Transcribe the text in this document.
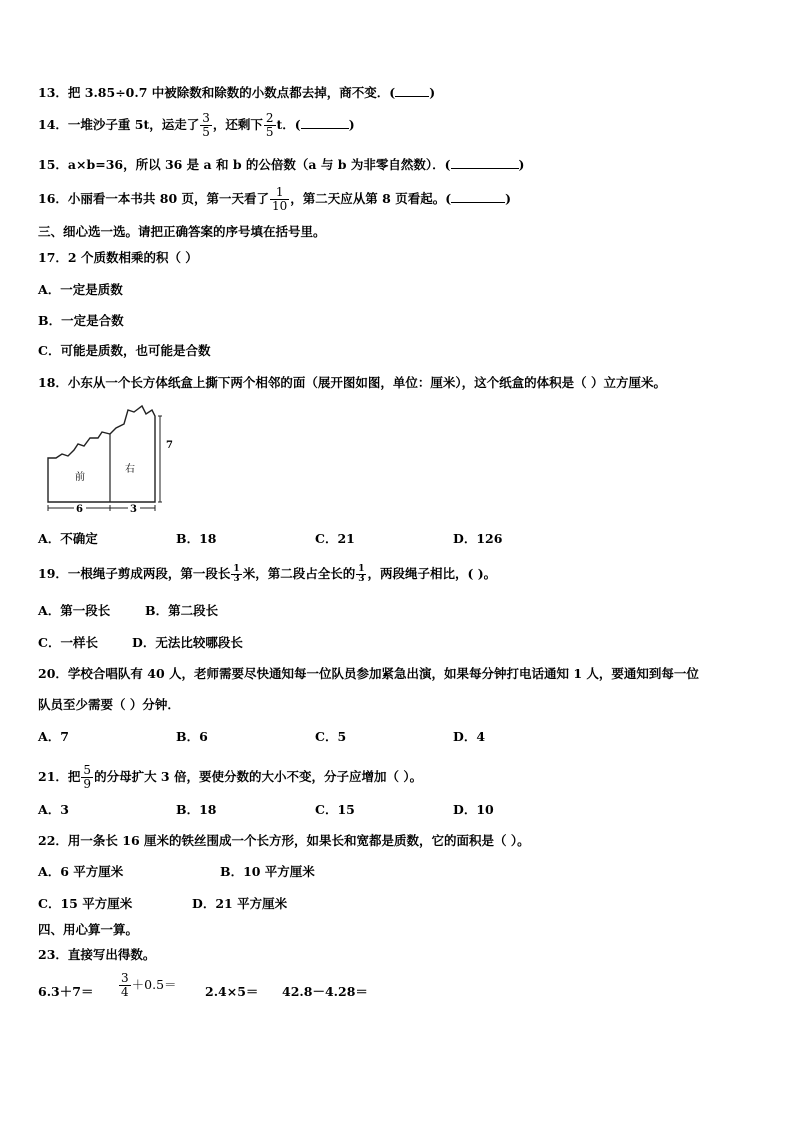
13．把 3.85÷0.7 中被除数和除数的小数点都去掉，商不变．(	)
14．一堆沙子重 5t，运走了 $\frac{3}{5}$ ，还剩下 $\frac{2}{5}$ t．(	)
15．a×b=36，所以 36 是 a 和 b 的公倍数（a 与 b 为非零自然数）．(	)
16．小丽看一本书共 80 页，第一天看了 $\frac{1}{10}$ ，第二天应从第 8 页看起。(	)
三、细心选一选。请把正确答案的序号填在括号里。
17．2 个质数相乘的积（ ）
A．一定是质数
B．一定是合数
C．可能是质数，也可能是合数
18．小东从一个长方体纸盒上撕下两个相邻的面（展开图如图，单位：厘米），这个纸盒的体积是（ ）立方厘米。
前
右
7
6	3
A．不确定	B．18	C．21	D．126
19．一根绳子剪成两段，第一段长 $\frac{1}{3}$ 米，第二段占全长的 $\frac{1}{3}$ ，两段绳子相比，( )。
A．第一段长	B．第二段长
C．一样长	D．无法比较哪段长
20．学校合唱队有 40 人，老师需要尽快通知每一位队员参加紧急出演，如果每分钟打电话通知 1 人，要通知到每一位
队员至少需要（ ）分钟．
A．7	B．6	C．5	D．4
21．把 $\frac{5}{9}$ 的分母扩大 3 倍，要使分数的大小不变，分子应增加（ ）。
A．3	B．18	C．15	D．10
22．用一条长 16 厘米的铁丝围成一个长方形，如果长和宽都是质数，它的面积是（ ）。
A．6 平方厘米	B．10 平方厘米
C．15 平方厘米	D．21 平方厘米
四、用心算一算。
23．直接写出得数。
$6.3+7= \frac{3}{4} +0.5= 2.4\times 5= 42.8-4.28=$
